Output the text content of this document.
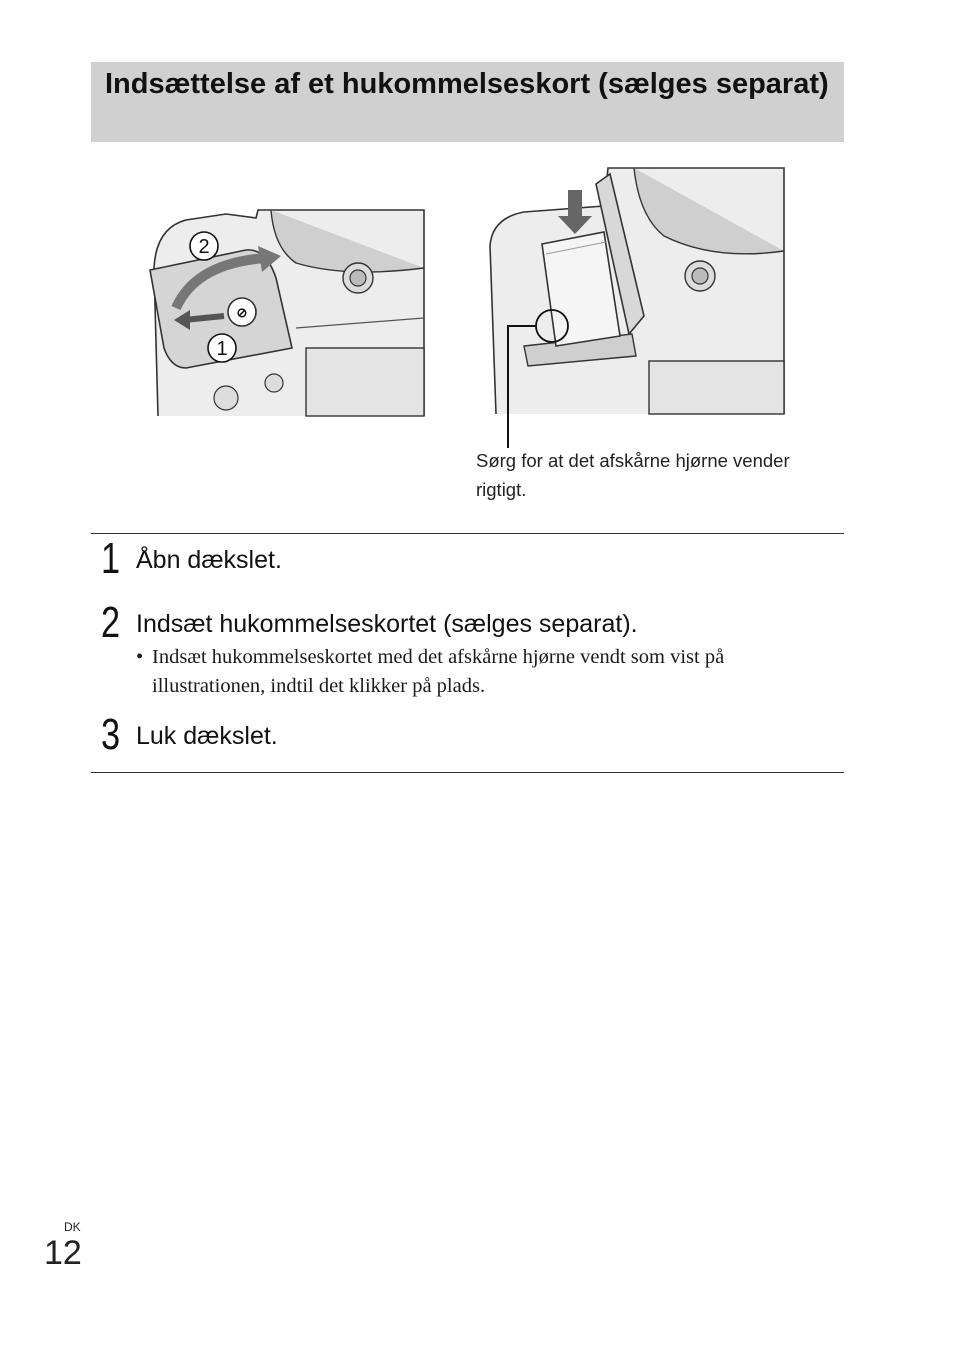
Indsættelse af et hukommelseskort (sælges separat)
⊘
2
1
Sørg for at det afskårne hjørne vender rigtigt.
1 Åbn dækslet.
2 Indsæt hukommelseskortet (sælges separat).
• Indsæt hukommelseskortet med det afskårne hjørne vendt som vist på illustrationen, indtil det klikker på plads.
3 Luk dækslet.
DK
12
